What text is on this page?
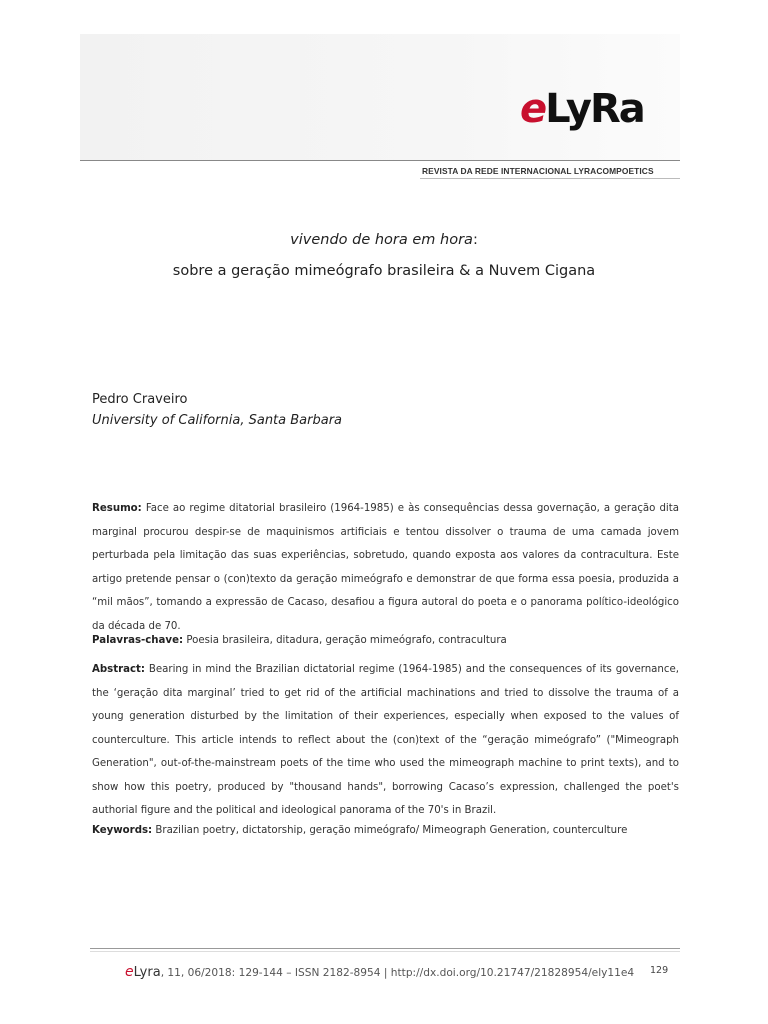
eLyRa
REVISTA DA REDE INTERNACIONAL LYRACOMPOETICS
vivendo de hora em hora:
sobre a geração mimeógrafo brasileira & a Nuvem Cigana
Pedro Craveiro
University of California, Santa Barbara
Resumo: Face ao regime ditatorial brasileiro (1964-1985) e às consequências dessa governação, a geração dita marginal procurou despir-se de maquinismos artificiais e tentou dissolver o trauma de uma camada jovem perturbada pela limitação das suas experiências, sobretudo, quando exposta aos valores da contracultura. Este artigo pretende pensar o (con)texto da geração mimeógrafo e demonstrar de que forma essa poesia, produzida a “mil mãos”, tomando a expressão de Cacaso, desafiou a figura autoral do poeta e o panorama político-ideológico da década de 70.
Palavras-chave: Poesia brasileira, ditadura, geração mimeógrafo, contracultura
Abstract: Bearing in mind the Brazilian dictatorial regime (1964-1985) and the consequences of its governance, the ‘geração dita marginal’ tried to get rid of the artificial machinations and tried to dissolve the trauma of a young generation disturbed by the limitation of their experiences, especially when exposed to the values of counterculture. This article intends to reflect about the (con)text of the “geração mimeógrafo” ("Mimeograph Generation", out-of-the-mainstream poets of the time who used the mimeograph machine to print texts), and to show how this poetry, produced by "thousand hands", borrowing Cacaso’s expression, challenged the poet's authorial figure and the political and ideological panorama of the 70's in Brazil.
Keywords: Brazilian poetry, dictatorship, geração mimeógrafo/ Mimeograph Generation, counterculture
eLyra, 11, 06/2018: 129-144 – ISSN 2182-8954 | http://dx.doi.org/10.21747/21828954/ely11e4 129
